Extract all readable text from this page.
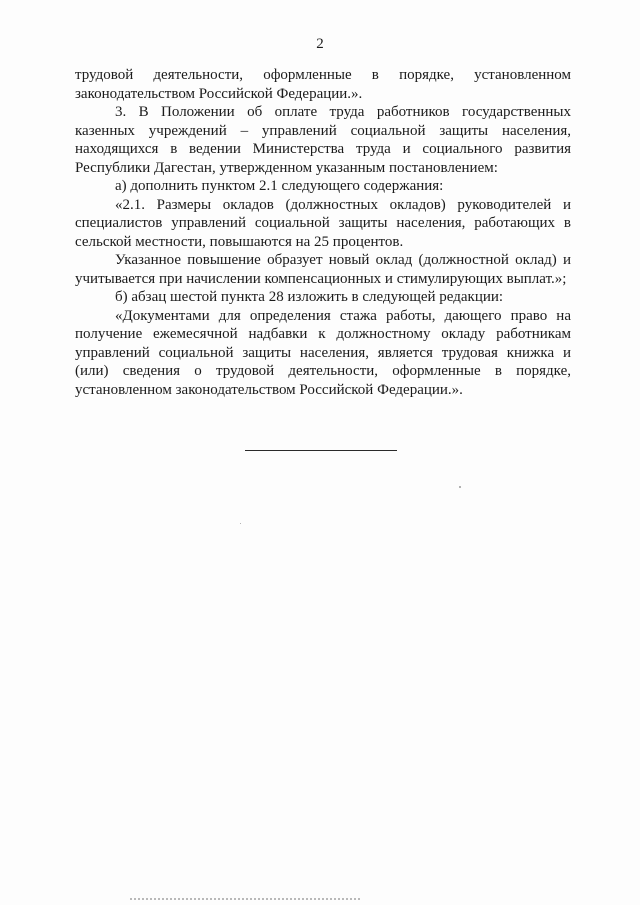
2

трудовой деятельности, оформленные в порядке, установленном законодательством Российской Федерации.».

3. В Положении об оплате труда работников государственных казенных учреждений – управлений социальной защиты населения, находящихся в ведении Министерства труда и социального развития Республики Дагестан, утвержденном указанным постановлением:

а) дополнить пунктом 2.1 следующего содержания:

«2.1. Размеры окладов (должностных окладов) руководителей и специалистов управлений социальной защиты населения, работающих в сельской местности, повышаются на 25 процентов.

Указанное повышение образует новый оклад (должностной оклад) и учитывается при начислении компенсационных и стимулирующих выплат.»;

б) абзац шестой пункта 28 изложить в следующей редакции:

«Документами для определения стажа работы, дающего право на получение ежемесячной надбавки к должностному окладу работникам управлений социальной защиты населения, является трудовая книжка и (или) сведения о трудовой деятельности, оформленные в порядке, установленном законодательством Российской Федерации.».
